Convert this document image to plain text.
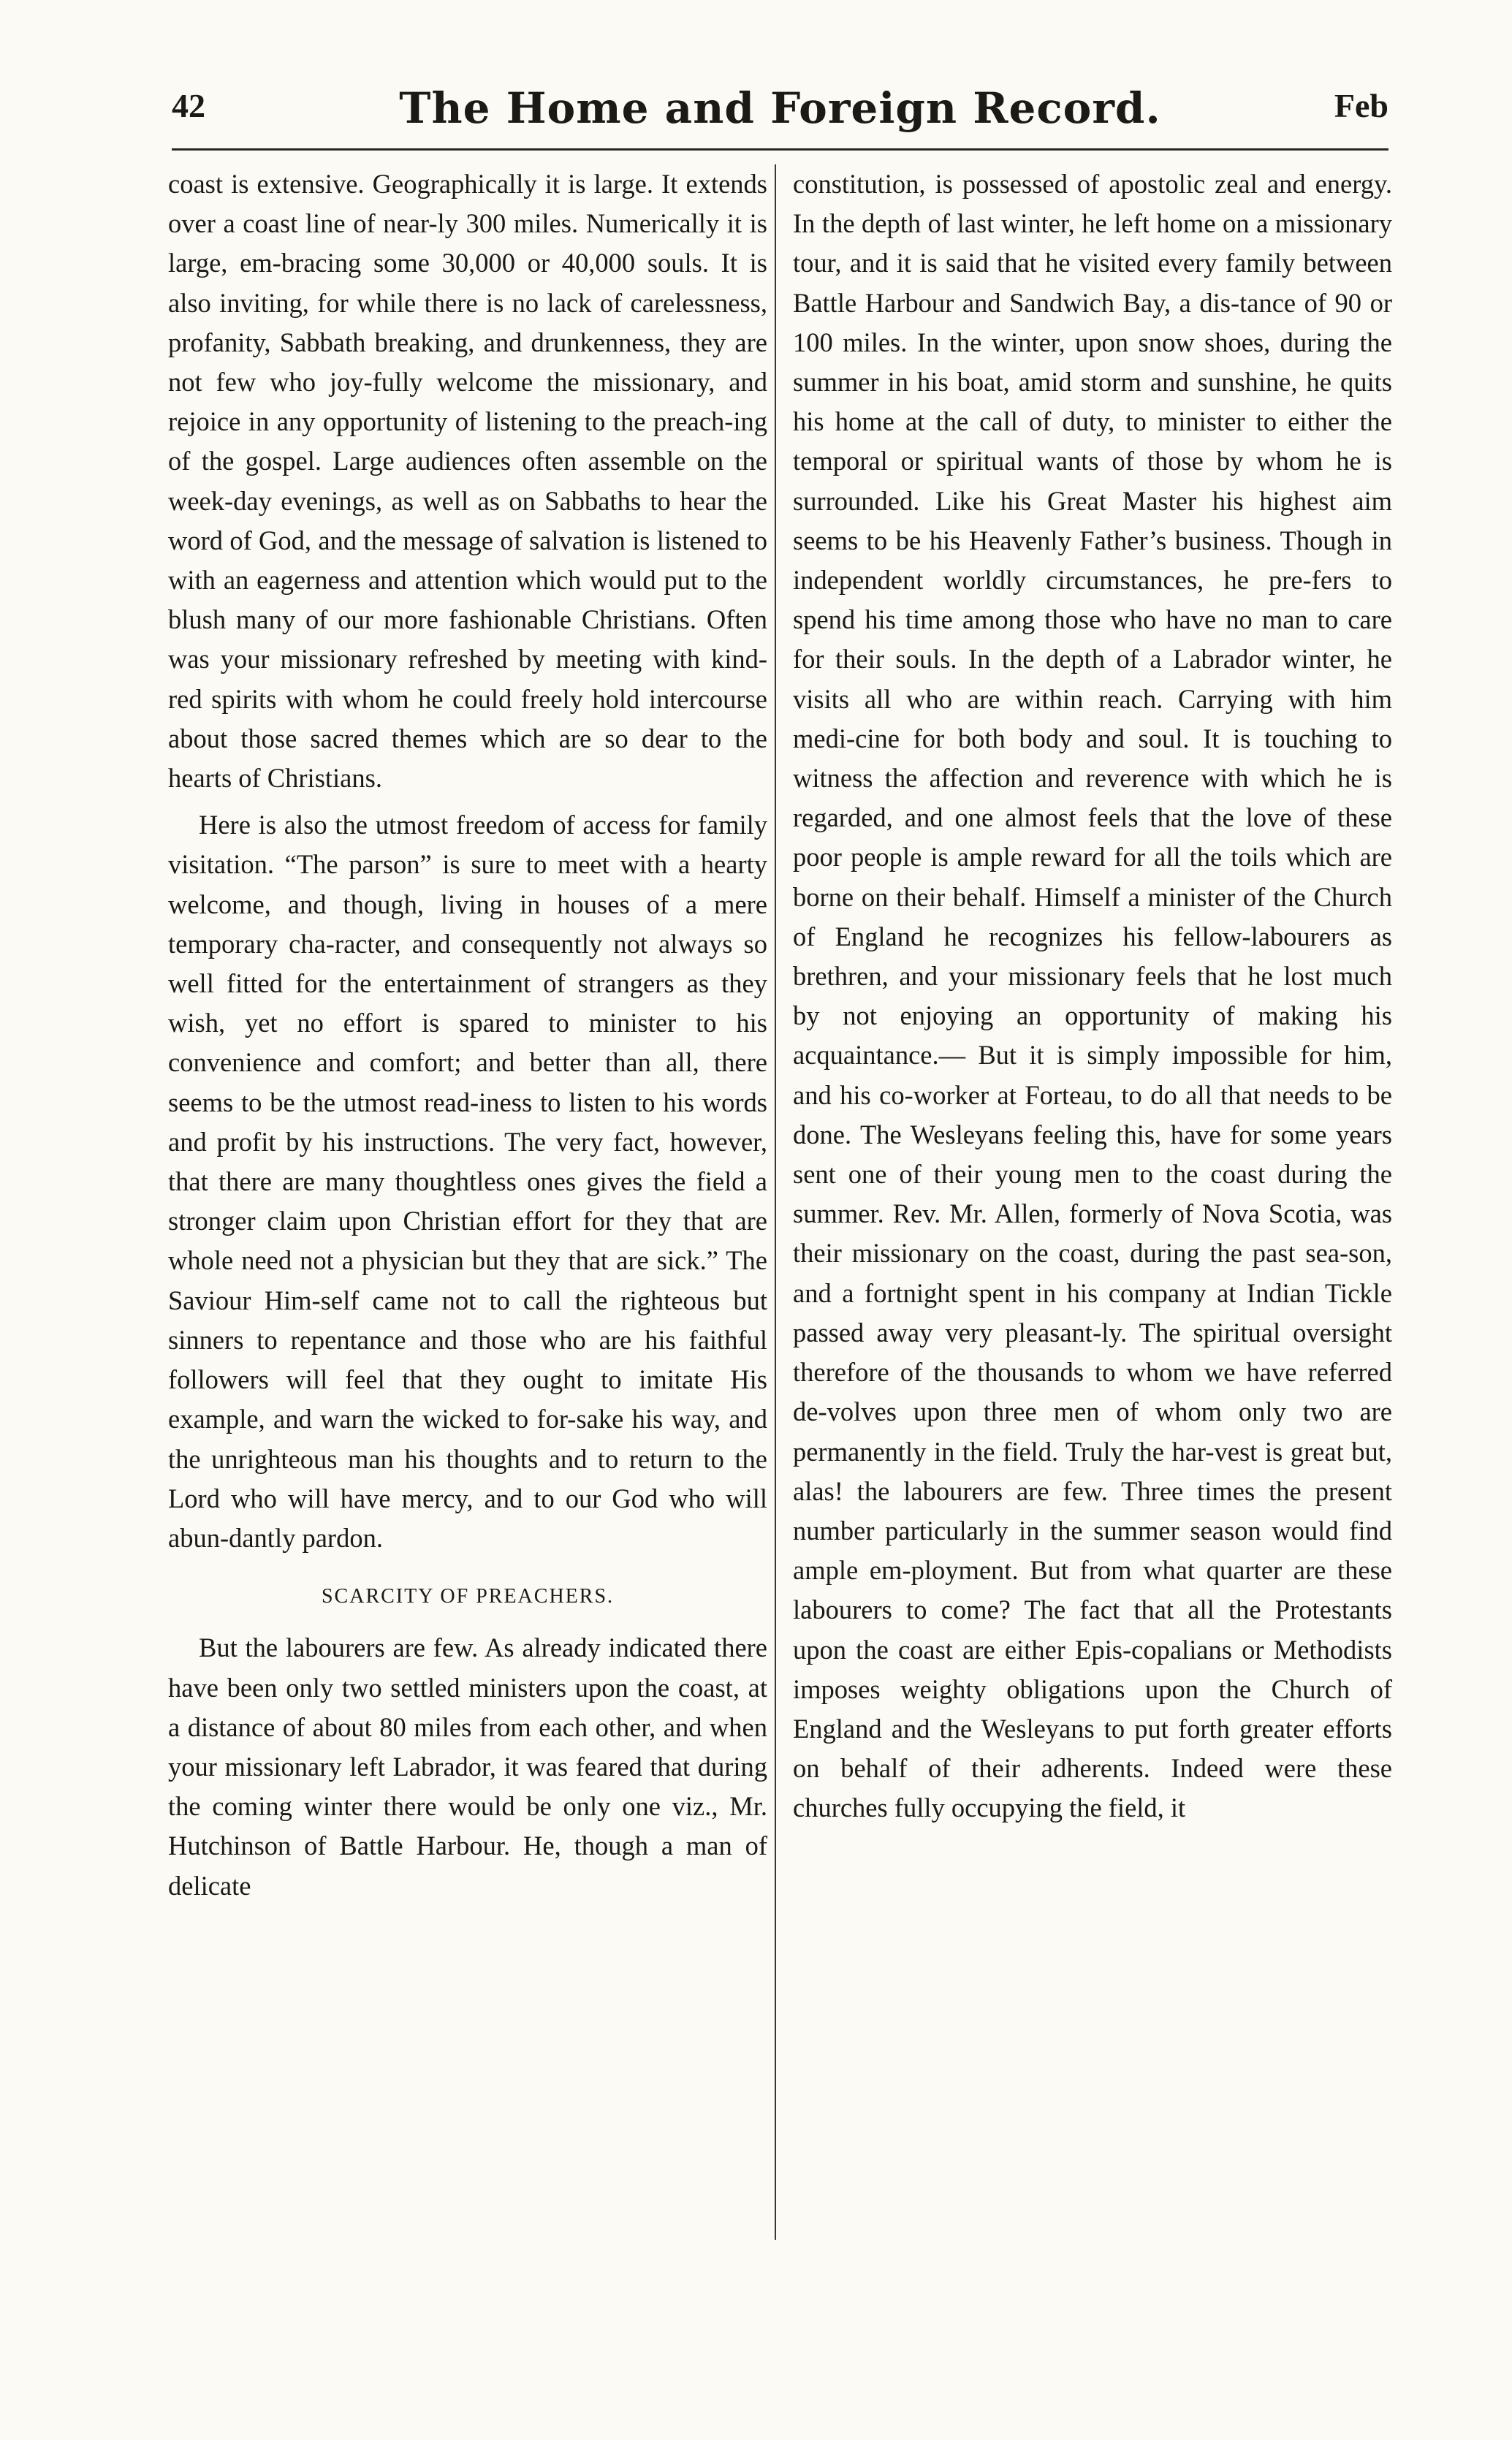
42	The Home and Foreign Record.	Feb

coast is extensive. Geographically it is large. It extends over a coast line of near-ly 300 miles. Numerically it is large, em-bracing some 30,000 or 40,000 souls. It is also inviting, for while there is no lack of carelessness, profanity, Sabbath breaking, and drunkenness, they are not few who joy-fully welcome the missionary, and rejoice in any opportunity of listening to the preach-ing of the gospel. Large audiences often assemble on the week-day evenings, as well as on Sabbaths to hear the word of God, and the message of salvation is listened to with an eagerness and attention which would put to the blush many of our more fashionable Christians. Often was your missionary refreshed by meeting with kind-red spirits with whom he could freely hold intercourse about those sacred themes which are so dear to the hearts of Christians.

Here is also the utmost freedom of access for family visitation. “The parson” is sure to meet with a hearty welcome, and though, living in houses of a mere temporary cha-racter, and consequently not always so well fitted for the entertainment of strangers as they wish, yet no effort is spared to minister to his convenience and comfort; and better than all, there seems to be the utmost read-iness to listen to his words and profit by his instructions. The very fact, however, that there are many thoughtless ones gives the field a stronger claim upon Christian effort for they that are whole need not a physician but they that are sick.” The Saviour Him-self came not to call the righteous but sinners to repentance and those who are his faithful followers will feel that they ought to imitate His example, and warn the wicked to for-sake his way, and the unrighteous man his thoughts and to return to the Lord who will have mercy, and to our God who will abun-dantly pardon.

SCARCITY OF PREACHERS.

But the labourers are few. As already indicated there have been only two settled ministers upon the coast, at a distance of about 80 miles from each other, and when your missionary left Labrador, it was feared that during the coming winter there would be only one viz., Mr. Hutchinson of Battle Harbour. He, though a man of delicate

constitution, is possessed of apostolic zeal and energy. In the depth of last winter, he left home on a missionary tour, and it is said that he visited every family between Battle Harbour and Sandwich Bay, a dis-tance of 90 or 100 miles. In the winter, upon snow shoes, during the summer in his boat, amid storm and sunshine, he quits his home at the call of duty, to minister to either the temporal or spiritual wants of those by whom he is surrounded. Like his Great Master his highest aim seems to be his Heavenly Father’s business. Though in independent worldly circumstances, he pre-fers to spend his time among those who have no man to care for their souls. In the depth of a Labrador winter, he visits all who are within reach. Carrying with him medi-cine for both body and soul. It is touching to witness the affection and reverence with which he is regarded, and one almost feels that the love of these poor people is ample reward for all the toils which are borne on their behalf. Himself a minister of the Church of England he recognizes his fellow-labourers as brethren, and your missionary feels that he lost much by not enjoying an opportunity of making his acquaintance.— But it is simply impossible for him, and his co-worker at Forteau, to do all that needs to be done. The Wesleyans feeling this, have for some years sent one of their young men to the coast during the summer. Rev. Mr. Allen, formerly of Nova Scotia, was their missionary on the coast, during the past sea-son, and a fortnight spent in his company at Indian Tickle passed away very pleasant-ly. The spiritual oversight therefore of the thousands to whom we have referred de-volves upon three men of whom only two are permanently in the field. Truly the har-vest is great but, alas! the labourers are few. Three times the present number particularly in the summer season would find ample em-ployment. But from what quarter are these labourers to come? The fact that all the Protestants upon the coast are either Epis-copalians or Methodists imposes weighty obligations upon the Church of England and the Wesleyans to put forth greater efforts on behalf of their adherents. Indeed were these churches fully occupying the field, it
